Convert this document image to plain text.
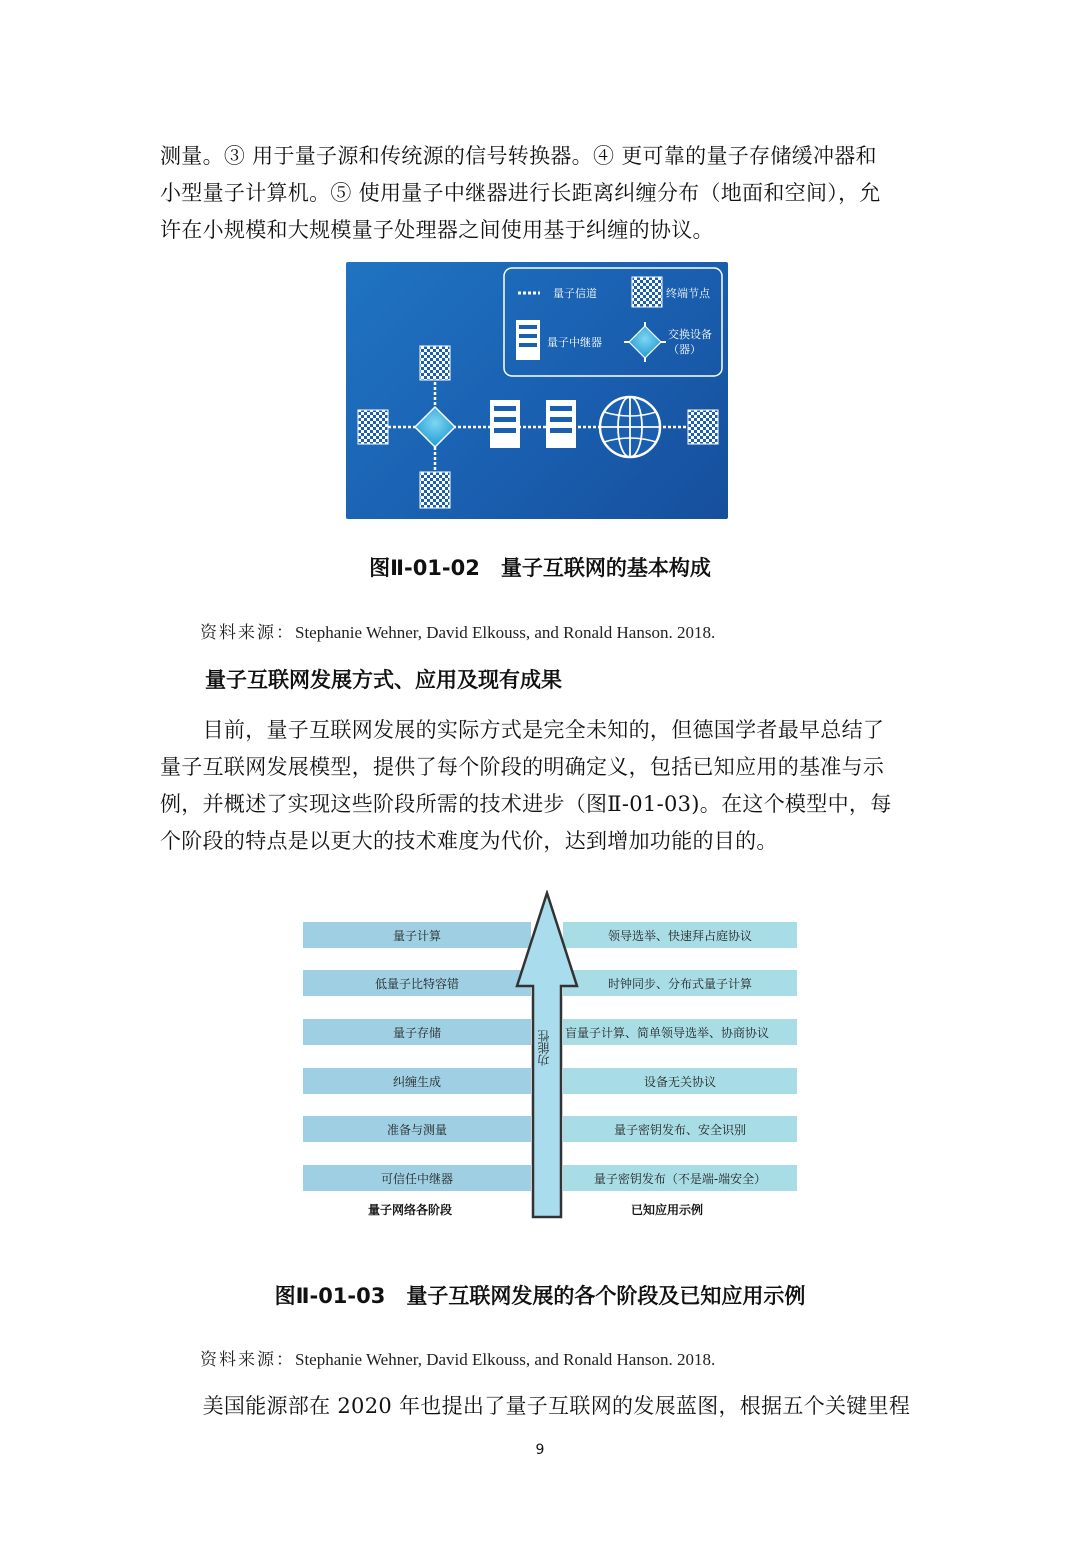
测量。③ 用于量子源和传统源的信号转换器。④ 更可靠的量子存储缓冲器和

小型量子计算机。⑤ 使用量子中继器进行长距离纠缠分布（地面和空间），允

许在小规模和大规模量子处理器之间使用基于纠缠的协议。

量子信道	终端节点
量子中继器
交换设备
（器）
图Ⅱ-01-02　量子互联网的基本构成
资料来源：Stephanie Wehner, David Elkouss, and Ronald Hanson. 2018.
量子互联网发展方式、应用及现有成果

　　目前，量子互联网发展的实际方式是完全未知的，但德国学者最早总结了

量子互联网发展模型，提供了每个阶段的明确定义，包括已知应用的基准与示

例，并概述了实现这些阶段所需的技术进步（图Ⅱ-01-03)。在这个模型中，每

个阶段的特点是以更大的技术难度为代价，达到增加功能的目的。

量子计算
低量子比特容错
量子存储
纠缠生成
准备与测量
可信任中继器
领导选举、快速拜占庭协议
时钟同步、分布式量子计算
盲量子计算、简单领导选举、协商协议
设备无关协议
量子密钥发布、安全识别
量子密钥发布（不是端-端安全）
功能性
量子网络各阶段	已知应用示例
图Ⅱ-01-03　量子互联网发展的各个阶段及已知应用示例
资料来源：Stephanie Wehner, David Elkouss, and Ronald Hanson. 2018.

　　美国能源部在 2020 年也提出了量子互联网的发展蓝图，根据五个关键里程

9
